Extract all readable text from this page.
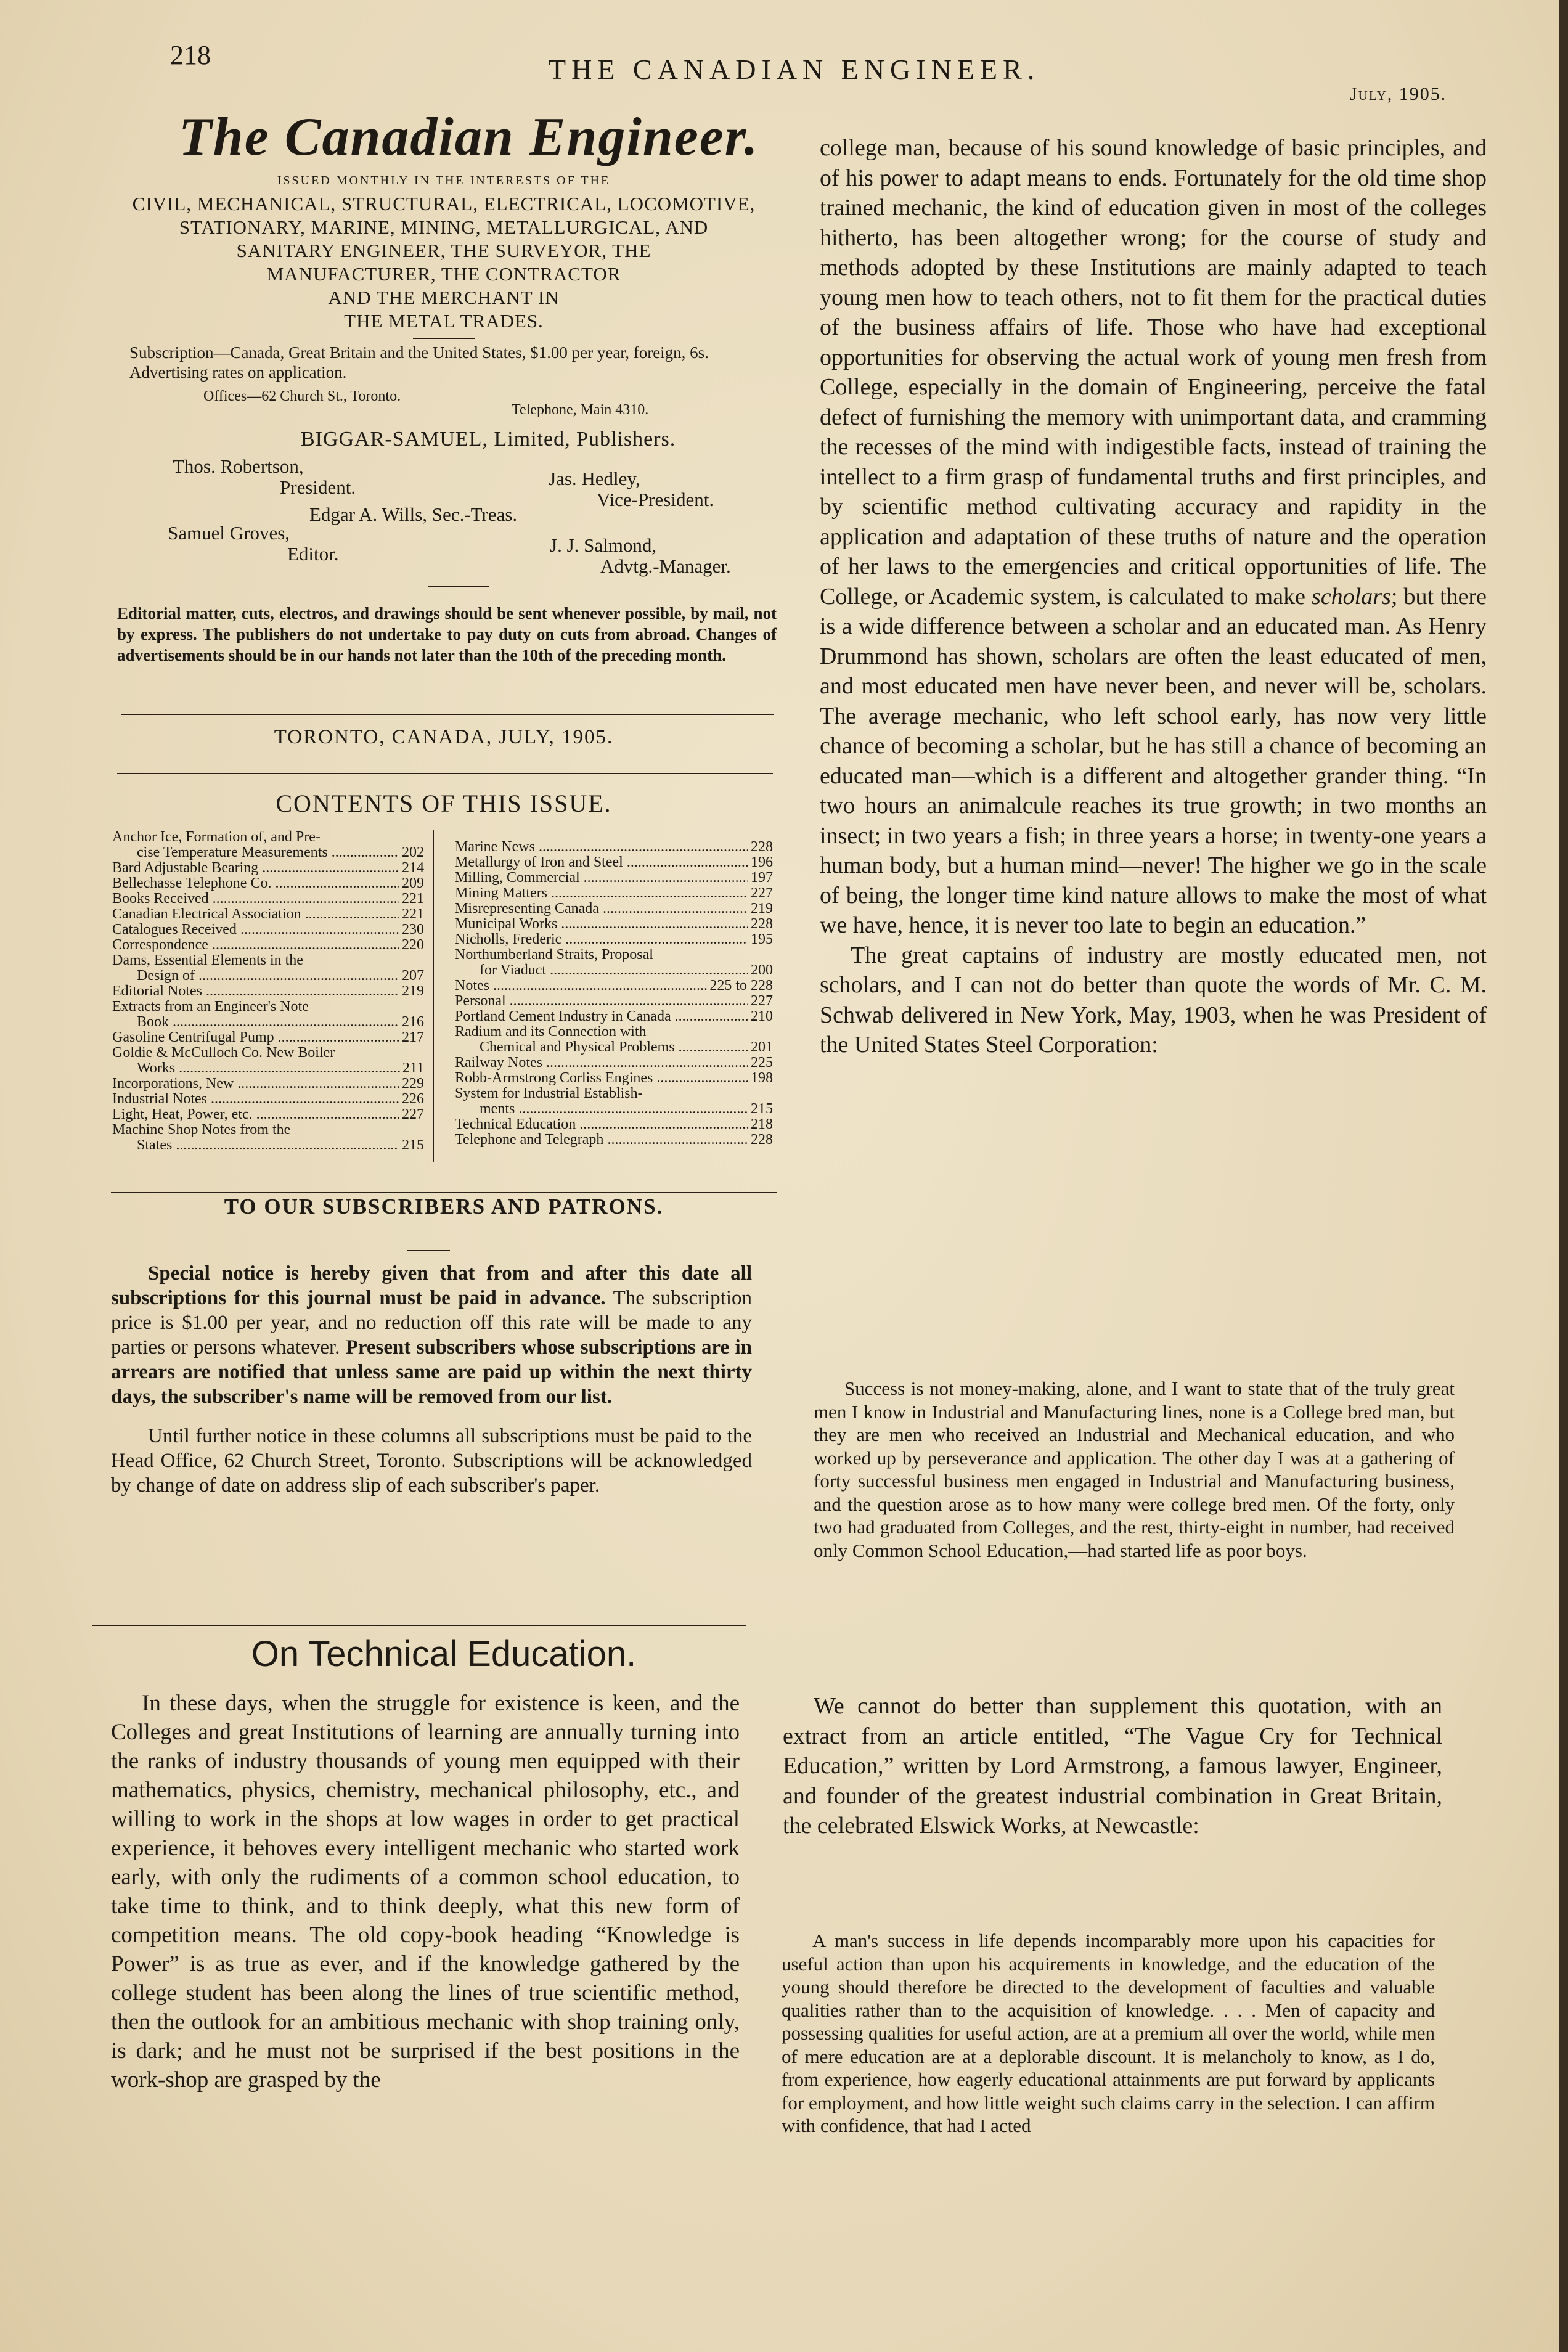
218	THE CANADIAN ENGINEER.
July, 1905.
The Canadian Engineer.
ISSUED MONTHLY IN THE INTERESTS OF THE
CIVIL, MECHANICAL, STRUCTURAL, ELECTRICAL, LOCOMOTIVE,
STATIONARY, MARINE, MINING, METALLURGICAL, AND
SANITARY ENGINEER, THE SURVEYOR, THE
MANUFACTURER, THE CONTRACTOR
AND THE MERCHANT IN
THE METAL TRADES.
Subscription—Canada, Great Britain and the United States, $1.00 per year, foreign, 6s. Advertising rates on application.
Offices—62 Church St., Toronto.
Telephone, Main 4310.
BIGGAR-SAMUEL, Limited, Publishers.
Thos. Robertson,
President.	Jas. Hedley,
Vice-President.
Edgar A. Wills, Sec.-Treas.
Samuel Groves,
Editor.	J. J. Salmond,
Advtg.-Manager.
Editorial matter, cuts, electros, and drawings should be sent whenever possible, by mail, not by express. The publishers do not undertake to pay duty on cuts from abroad. Changes of advertisements should be in our hands not later than the 10th of the preceding month.
TORONTO, CANADA, JULY, 1905.
CONTENTS OF THIS ISSUE.
Anchor Ice, Formation of, and Pre-
cise Temperature Measurements .....	202
Bard Adjustable Bearing .....	214
Bellechasse Telephone Co. .....	209
Books Received .....	221
Canadian Electrical Association .....	221
Catalogues Received .....	230
Correspondence .....	220
Dams, Essential Elements in the
Design of .....	207
Editorial Notes .....	219
Extracts from an Engineer's Note
Book .....	216
Gasoline Centrifugal Pump .....	217
Goldie & McCulloch Co. New Boiler
Works .....	211
Incorporations, New .....	229
Industrial Notes .....	226
Light, Heat, Power, etc. .....	227
Machine Shop Notes from the
States .....	215
Marine News .....	228
Metallurgy of Iron and Steel .....	196
Milling, Commercial .....	197
Mining Matters .....	227
Misrepresenting Canada .....	219
Municipal Works .....	228
Nicholls, Frederic .....	195
Northumberland Straits, Proposal
for Viaduct .....	200
Notes .....	225 to 228
Personal .....	227
Portland Cement Industry in Canada .....	210
Radium and its Connection with
Chemical and Physical Problems .....	201
Railway Notes .....	225
Robb-Armstrong Corliss Engines .....	198
System for Industrial Establish-
ments .....	215
Technical Education .....	218
Telephone and Telegraph .....	228
TO OUR SUBSCRIBERS AND PATRONS.

Special notice is hereby given that from and after this date all subscriptions for this journal must be paid in advance. The subscription price is $1.00 per year, and no reduction off this rate will be made to any parties or persons whatever. Present subscribers whose subscriptions are in arrears are notified that unless same are paid up within the next thirty days, the subscriber's name will be removed from our list.

Until further notice in these columns all subscriptions must be paid to the Head Office, 62 Church Street, Toronto. Subscriptions will be acknowledged by change of date on address slip of each subscriber's paper.

On Technical Education.

In these days, when the struggle for existence is keen, and the Colleges and great Institutions of learning are annually turning into the ranks of industry thousands of young men equipped with their mathematics, physics, chemistry, mechanical philosophy, etc., and willing to work in the shops at low wages in order to get practical experience, it behoves every intelligent mechanic who started work early, with only the rudiments of a common school education, to take time to think, and to think deeply, what this new form of competition means. The old copy-book heading “Knowledge is Power” is as true as ever, and if the knowledge gathered by the college student has been along the lines of true scientific method, then the outlook for an ambitious mechanic with shop training only, is dark; and he must not be surprised if the best positions in the work-shop are grasped by the

college man, because of his sound knowledge of basic principles, and of his power to adapt means to ends. Fortunately for the old time shop trained mechanic, the kind of education given in most of the colleges hitherto, has been altogether wrong; for the course of study and methods adopted by these Institutions are mainly adapted to teach young men how to teach others, not to fit them for the practical duties of the business affairs of life. Those who have had exceptional opportunities for observing the actual work of young men fresh from College, especially in the domain of Engineering, perceive the fatal defect of furnishing the memory with unimportant data, and cramming the recesses of the mind with indigestible facts, instead of training the intellect to a firm grasp of fundamental truths and first principles, and by scientific method cultivating accuracy and rapidity in the application and adaptation of these truths of nature and the operation of her laws to the emergencies and critical opportunities of life. The College, or Academic system, is calculated to make scholars; but there is a wide difference between a scholar and an educated man. As Henry Drummond has shown, scholars are often the least educated of men, and most educated men have never been, and never will be, scholars. The average mechanic, who left school early, has now very little chance of becoming a scholar, but he has still a chance of becoming an educated man—which is a different and altogether grander thing. “In two hours an animalcule reaches its true growth; in two months an insect; in two years a fish; in three years a horse; in twenty-one years a human body, but a human mind—never! The higher we go in the scale of being, the longer time kind nature allows to make the most of what we have, hence, it is never too late to begin an education.”

The great captains of industry are mostly educated men, not scholars, and I can not do better than quote the words of Mr. C. M. Schwab delivered in New York, May, 1903, when he was President of the United States Steel Corporation:

Success is not money-making, alone, and I want to state that of the truly great men I know in Industrial and Manufacturing lines, none is a College bred man, but they are men who received an Industrial and Mechanical education, and who worked up by perseverance and application. The other day I was at a gathering of forty successful business men engaged in Industrial and Manufacturing business, and the question arose as to how many were college bred men. Of the forty, only two had graduated from Colleges, and the rest, thirty-eight in number, had received only Common School Education,—had started life as poor boys.

We cannot do better than supplement this quotation, with an extract from an article entitled, “The Vague Cry for Technical Education,” written by Lord Armstrong, a famous lawyer, Engineer, and founder of the greatest industrial combination in Great Britain, the celebrated Elswick Works, at Newcastle:

A man's success in life depends incomparably more upon his capacities for useful action than upon his acquirements in knowledge, and the education of the young should therefore be directed to the development of faculties and valuable qualities rather than to the acquisition of knowledge. . . . Men of capacity and possessing qualities for useful action, are at a premium all over the world, while men of mere education are at a deplorable discount. It is melancholy to know, as I do, from experience, how eagerly educational attainments are put forward by applicants for employment, and how little weight such claims carry in the selection. I can affirm with confidence, that had I acted
